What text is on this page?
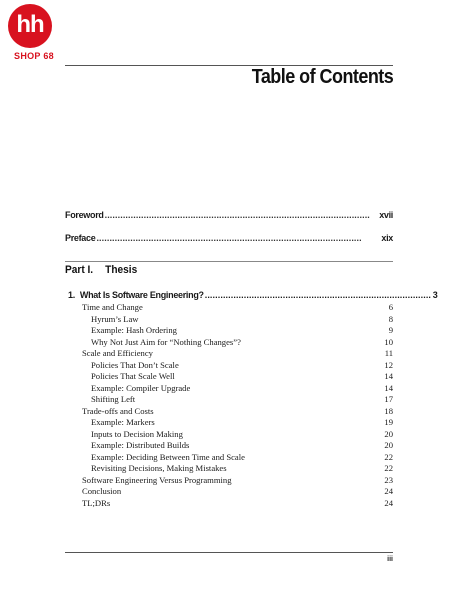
hh
SHOP 68
Table of Contents
Foreword . . .	xvii
Preface . . .	xix
Part I. Thesis
1. What Is Software Engineering? . . . . . . . . . . . . . . . . . . . . . . . . . . . . . . . . . . . . . . . . . . . . . . . . . . . . . . . . . . . . . . . . . . . . . . . . . . . . . . . . . . . . . . . 3
Time and Change	6
Hyrum’s Law	8
Example: Hash Ordering	9
Why Not Just Aim for “Nothing Changes”?	10
Scale and Efficiency	11
Policies That Don’t Scale	12
Policies That Scale Well	14
Example: Compiler Upgrade	14
Shifting Left	17
Trade-offs and Costs	18
Example: Markers	19
Inputs to Decision Making	20
Example: Distributed Builds	20
Example: Deciding Between Time and Scale	22
Revisiting Decisions, Making Mistakes	22
Software Engineering Versus Programming	23
Conclusion	24
TL;DRs	24
iii
